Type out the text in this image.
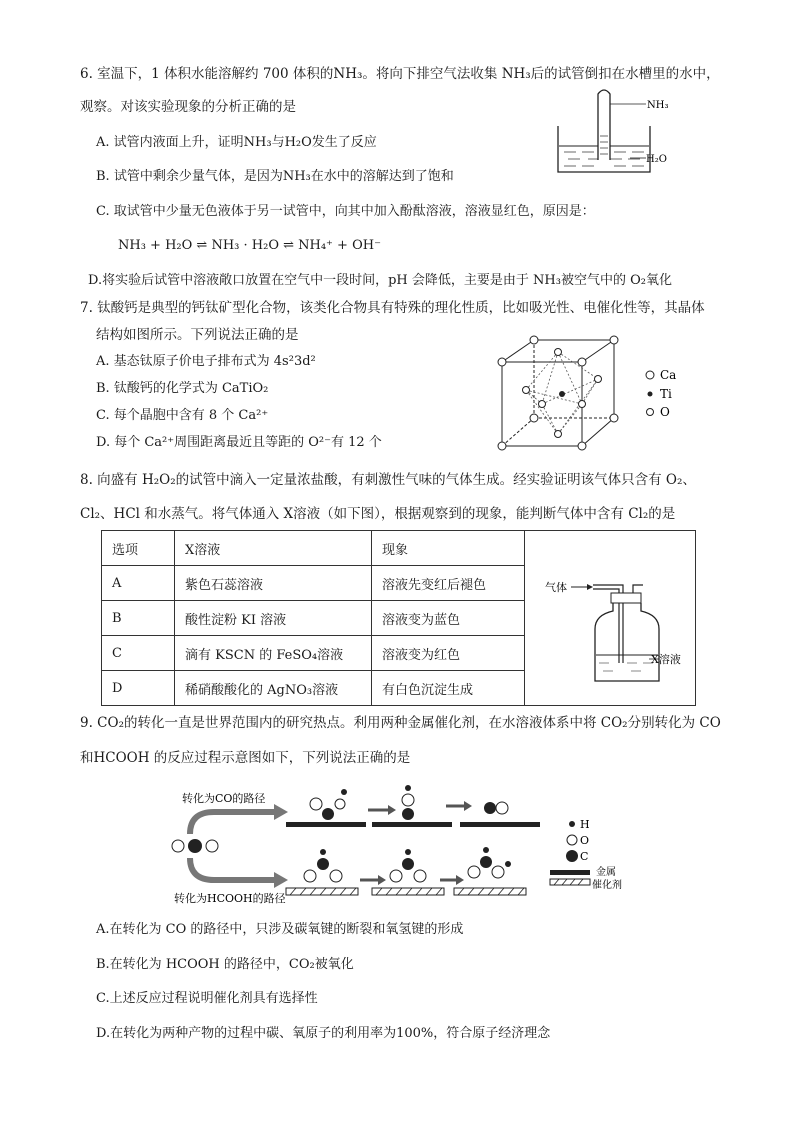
6. 室温下，1 体积水能溶解约 700 体积的NH₃。将向下排空气法收集 NH₃后的试管倒扣在水槽里的水中，
观察。对该实验现象的分析正确的是
A. 试管内液面上升，证明NH₃与H₂O发生了反应
B. 试管中剩余少量气体，是因为NH₃在水中的溶解达到了饱和
C. 取试管中少量无色液体于另一试管中，向其中加入酚酞溶液，溶液显红色，原因是：
NH₃ + H₂O ⇌ NH₃ · H₂O ⇌ NH₄⁺ + OH⁻
D.将实验后试管中溶液敞口放置在空气中一段时间，pH 会降低，主要是由于 NH₃被空气中的 O₂氧化
NH₃
H₂O
7. 钛酸钙是典型的钙钛矿型化合物，该类化合物具有特殊的理化性质，比如吸光性、电催化性等，其晶体
结构如图所示。下列说法正确的是
A. 基态钛原子价电子排布式为 4s²3d²
B. 钛酸钙的化学式为 CaTiO₂
C. 每个晶胞中含有 8 个 Ca²⁺
D. 每个 Ca²⁺周围距离最近且等距的 O²⁻有 12 个
Ca
Ti
O
8. 向盛有 H₂O₂的试管中滴入一定量浓盐酸，有刺激性气味的气体生成。经实验证明该气体只含有 O₂、
Cl₂、HCl 和水蒸气。将气体通入 X溶液（如下图），根据观察到的现象，能判断气体中含有 Cl₂的是
选项	X溶液	现象	气体
X溶液

A	紫色石蕊溶液	溶液先变红后褪色	
B	酸性淀粉 KI 溶液	溶液变为蓝色	
C	滴有 KSCN 的 FeSO₄溶液	溶液变为红色	
D	稀硝酸酸化的 AgNO₃溶液	有白色沉淀生成	
9. CO₂的转化一直是世界范围内的研究热点。利用两种金属催化剂，在水溶液体系中将 CO₂分别转化为 CO
和HCOOH 的反应过程示意图如下，下列说法正确的是
转化为CO的路径
转化为HCOOH的路径
H
O
C
金属
催化剂
A.在转化为 CO 的路径中，只涉及碳氧键的断裂和氧氢键的形成
B.在转化为 HCOOH 的路径中，CO₂被氧化
C.上述反应过程说明催化剂具有选择性
D.在转化为两种产物的过程中碳、氧原子的利用率为100%，符合原子经济理念
